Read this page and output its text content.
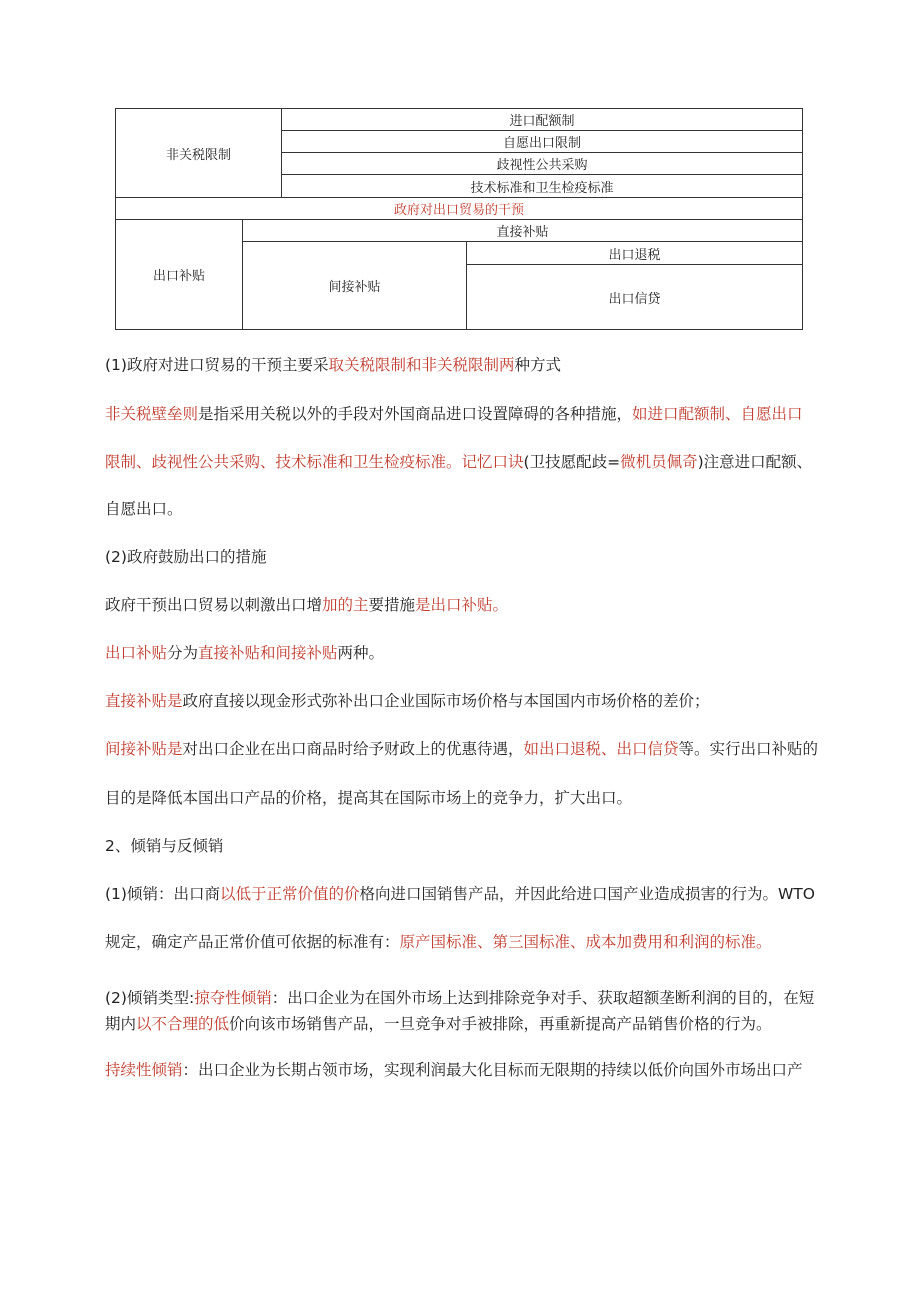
非关税限制
进口配额制
自愿出口限制
歧视性公共采购
技术标准和卫生检疫标准
政府对出口贸易的干预
出口补贴
直接补贴
间接补贴
出口退税
出口信贷
(1)政府对进口贸易的干预主要采取关税限制和非关税限制两种方式
非关税壁垒则是指采用关税以外的手段对外国商品进口设置障碍的各种措施，如进口配额制、自愿出口
限制、歧视性公共采购、技术标准和卫生检疫标准。记忆口诀(卫技愿配歧=微机员佩奇)注意进口配额、
自愿出口。
(2)政府鼓励出口的措施
政府干预出口贸易以刺激出口增加的主要措施是出口补贴。
出口补贴分为直接补贴和间接补贴两种。
直接补贴是政府直接以现金形式弥补出口企业国际市场价格与本国国内市场价格的差价；
间接补贴是对出口企业在出口商品时给予财政上的优惠待遇，如出口退税、出口信贷等。实行出口补贴的
目的是降低本国出口产品的价格，提高其在国际市场上的竞争力，扩大出口。
2、倾销与反倾销
(1)倾销：出口商以低于正常价值的价格向进口国销售产品，并因此给进口国产业造成损害的行为。WTO
规定，确定产品正常价值可依据的标准有：原产国标准、第三国标准、成本加费用和利润的标准。
(2)倾销类型:掠夺性倾销：出口企业为在国外市场上达到排除竞争对手、获取超额垄断利润的目的，在短
期内以不合理的低价向该市场销售产品，一旦竞争对手被排除，再重新提高产品销售价格的行为。
持续性倾销：出口企业为长期占领市场，实现利润最大化目标而无限期的持续以低价向国外市场出口产
